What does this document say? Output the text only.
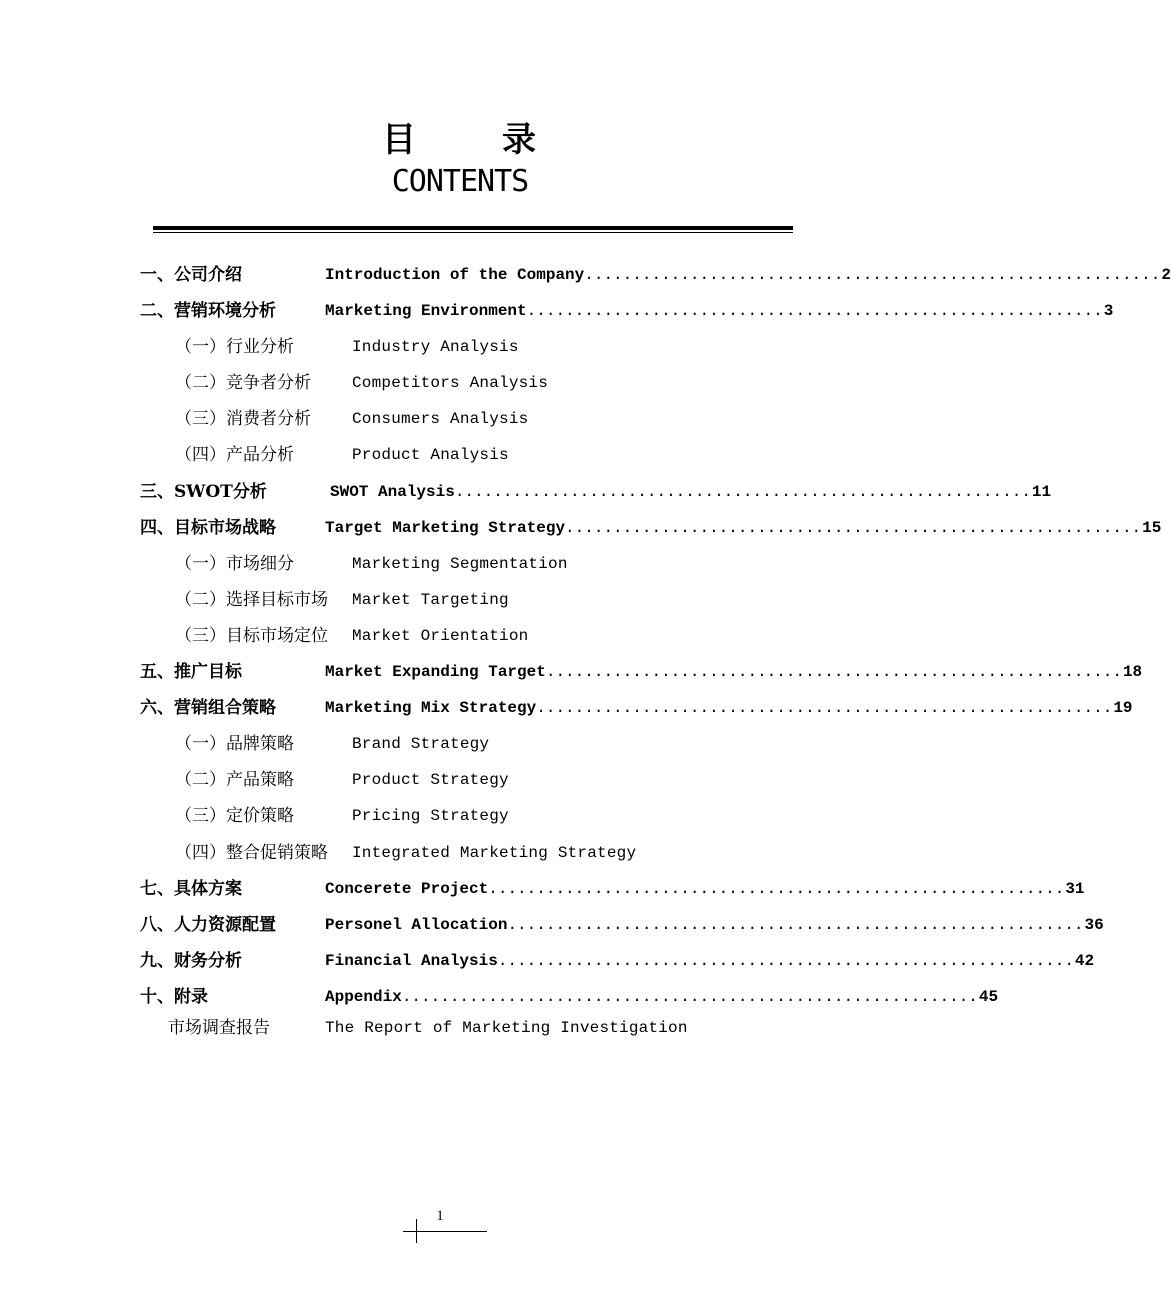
目 录
CONTENTS
一、公司介绍	Introduction of the Company ............................................................ 2
二、营销环境分析	Marketing Environment ............................................................ 3
（一）行业分析	Industry Analysis
（二）竞争者分析	Competitors Analysis
（三）消费者分析	Consumers Analysis
（四）产品分析	Product Analysis
三、SWOT分析	SWOT Analysis ............................................................ 11
四、目标市场战略	Target Marketing Strategy ............................................................ 15
（一）市场细分	Marketing Segmentation
（二）选择目标市场 Market Targeting
（三）目标市场定位 Market Orientation
五、推广目标	Market Expanding Target ............................................................ 18
六、营销组合策略	Marketing Mix Strategy ............................................................ 19
（一）品牌策略	Brand Strategy
（二）产品策略	Product Strategy
（三）定价策略	Pricing Strategy
（四）整合促销策略 Integrated Marketing Strategy
七、具体方案	Concerete Project ............................................................ 31
八、人力资源配置	Personel Allocation ............................................................ 36
九、财务分析	Financial Analysis ............................................................ 42
十、附录	Appendix ............................................................ 45
市场调查报告	The Report of Marketing Investigation
1
